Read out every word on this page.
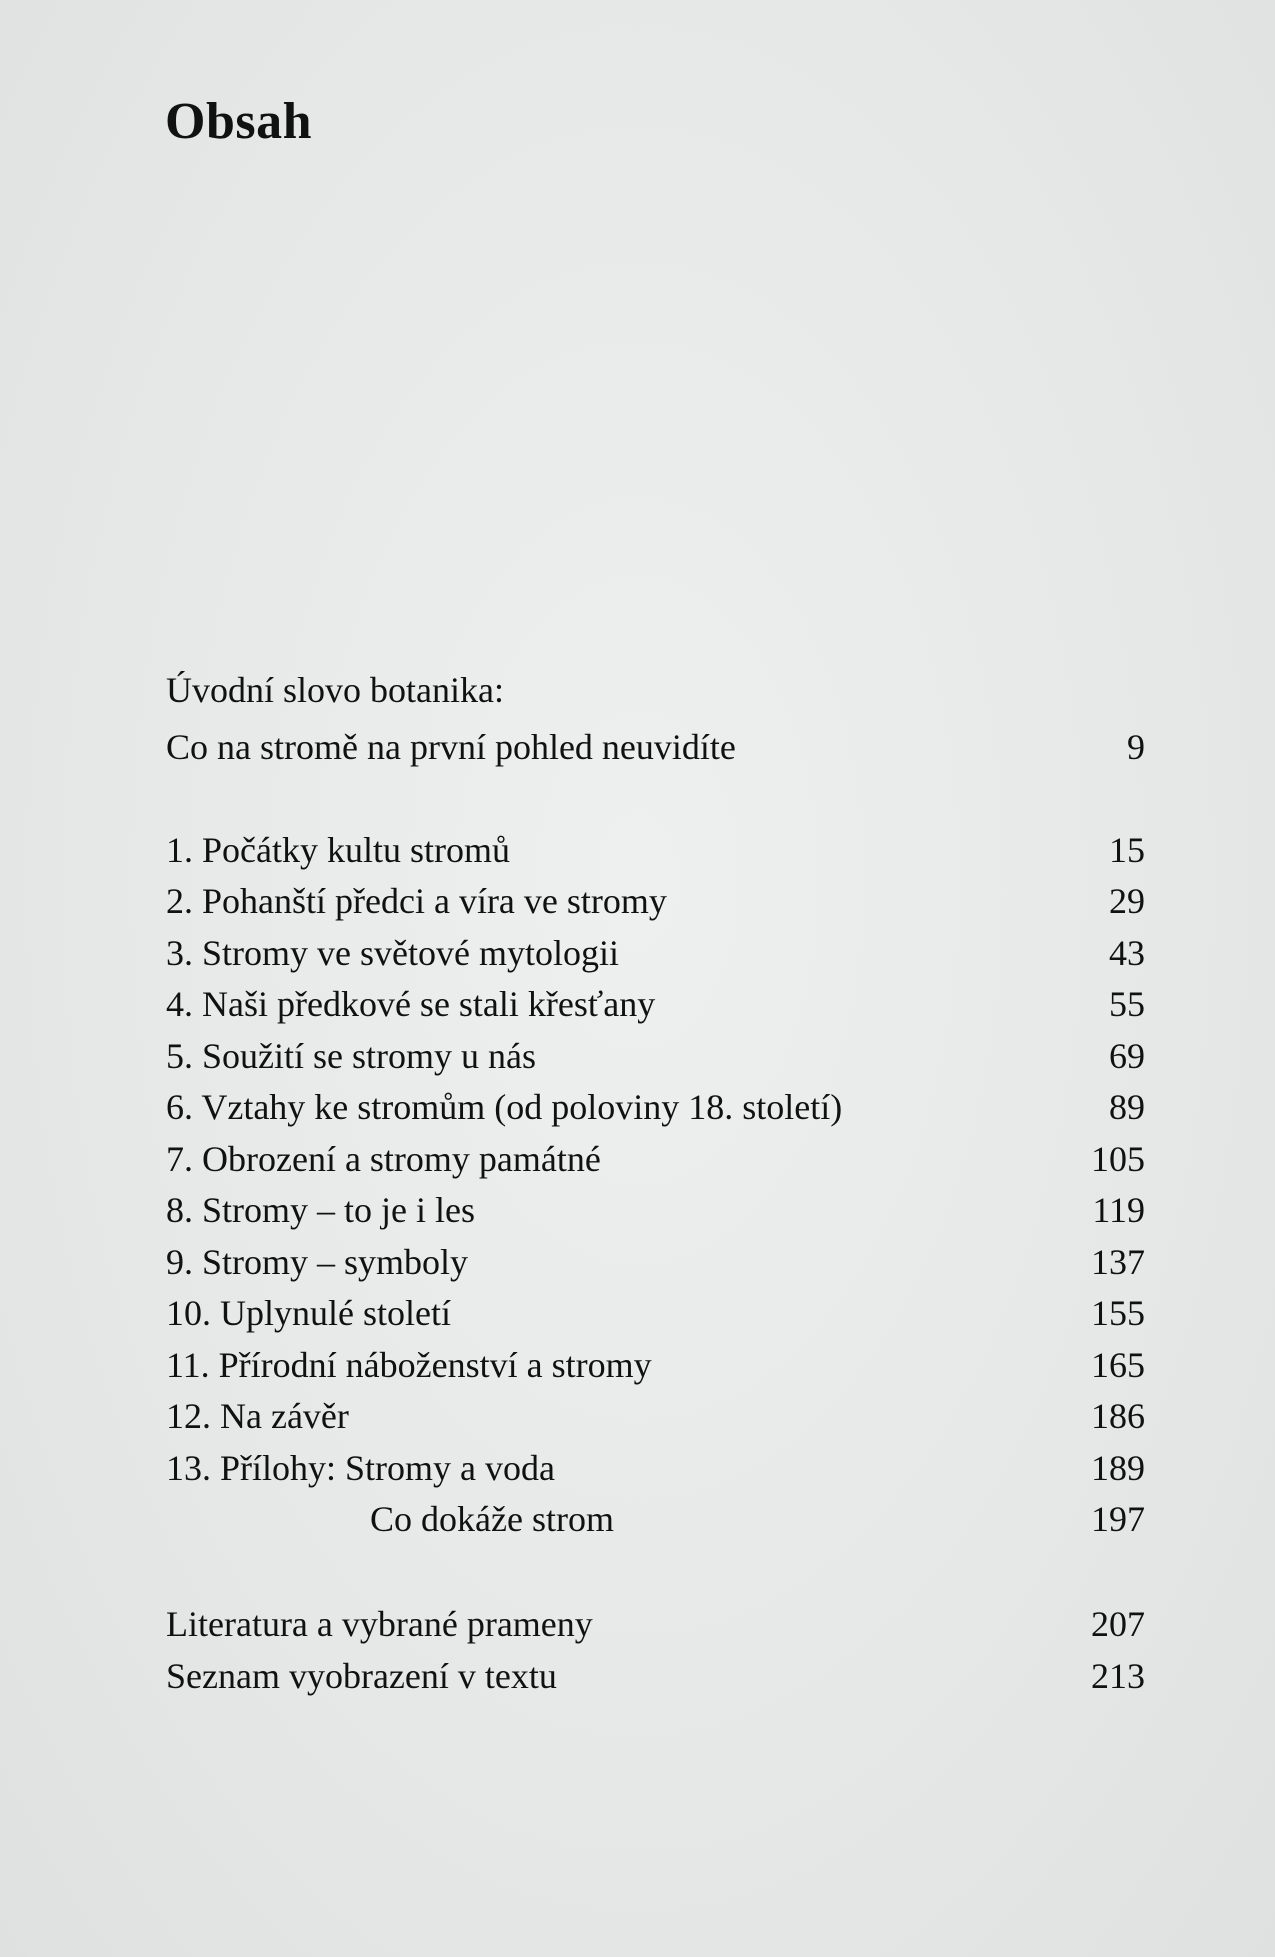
Obsah
Úvodní slovo botanika:
Co na stromě na první pohled neuvidíte	9
1. Počátky kultu stromů	15
2. Pohanští předci a víra ve stromy	29
3. Stromy ve světové mytologii	43
4. Naši předkové se stali křesťany	55
5. Soužití se stromy u nás	69
6. Vztahy ke stromům (od poloviny 18. století)	89
7. Obrození a stromy památné	105
8. Stromy – to je i les	119
9. Stromy – symboly	137
10. Uplynulé století	155
11. Přírodní náboženství a stromy	165
12. Na závěr	186
13. Přílohy: Stromy a voda	189
Co dokáže strom	197
Literatura a vybrané prameny	207
Seznam vyobrazení v textu	213
